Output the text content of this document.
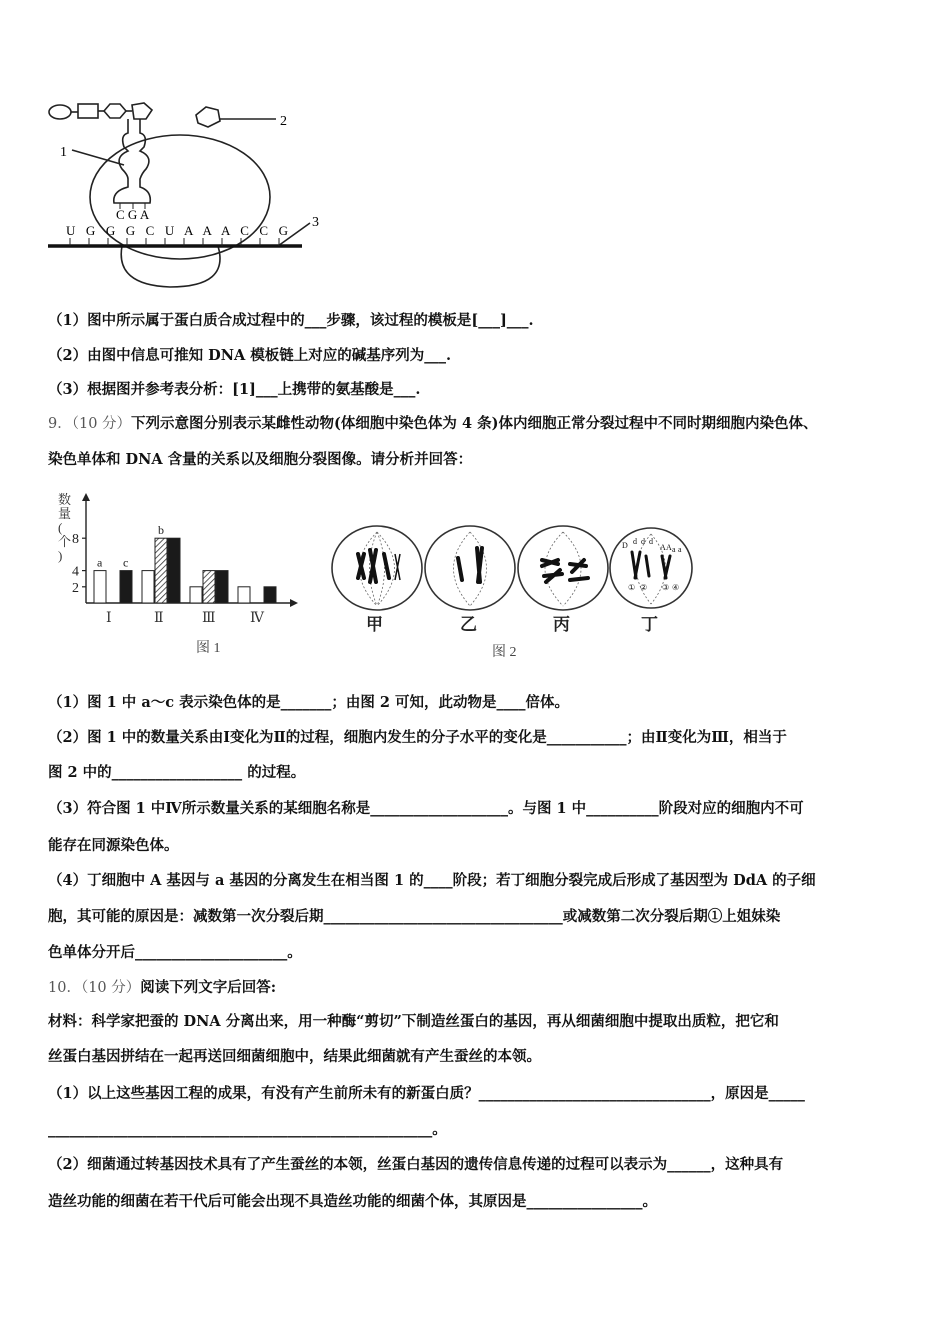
U G G G C U A A A C C G
C G A
1
2
3
（1）图中所示属于蛋白质合成过程中的___步骤，该过程的模板是[___]___.
（2）由图中信息可推知 DNA 模板链上对应的碱基序列为___.
（3）根据图并参考表分析：[1]___上携带的氨基酸是___.
9．（10 分）下列示意图分别表示某雌性动物(体细胞中染色体为 4 条)体内细胞正常分裂过程中不同时期细胞内染色体、
染色单体和 DNA 含量的关系以及细胞分裂图像。请分析并回答：
数
量
(
个
)	a c
b
2
4
8
Ⅰ	Ⅱ	Ⅲ Ⅳ
图 1
D d d d
A A a a
① ② ③ ④
甲	乙	丙	丁
图 2
（1）图 1 中 a～c 表示染色体的是_______；由图 2 可知，此动物是____倍体。
（2）图 1 中的数量关系由Ⅰ变化为Ⅱ的过程，细胞内发生的分子水平的变化是___________；由Ⅱ变化为Ⅲ，相当于
图 2 中的__________________ 的过程。
（3）符合图 1 中Ⅳ所示数量关系的某细胞名称是___________________。与图 1 中__________阶段对应的细胞内不可
能存在同源染色体。
（4）丁细胞中 A 基因与 a 基因的分离发生在相当图 1 的____阶段；若丁细胞分裂完成后形成了基因型为 DdA 的子细
胞，其可能的原因是：减数第一次分裂后期_________________________________或减数第二次分裂后期①上姐妹染
色单体分开后_____________________。
10．（10 分）阅读下列文字后回答:
材料：科学家把蚕的 DNA 分离出来，用一种酶“剪切”下制造丝蛋白的基因，再从细菌细胞中提取出质粒，把它和
丝蛋白基因拼结在一起再送回细菌细胞中，结果此细菌就有产生蚕丝的本领。
（1）以上这些基因工程的成果，有没有产生前所未有的新蛋白质？________________________________，原因是_____
_____________________________________________________。
（2）细菌通过转基因技术具有了产生蚕丝的本领，丝蛋白基因的遗传信息传递的过程可以表示为______，这种具有
造丝功能的细菌在若干代后可能会出现不具造丝功能的细菌个体，其原因是________________。
